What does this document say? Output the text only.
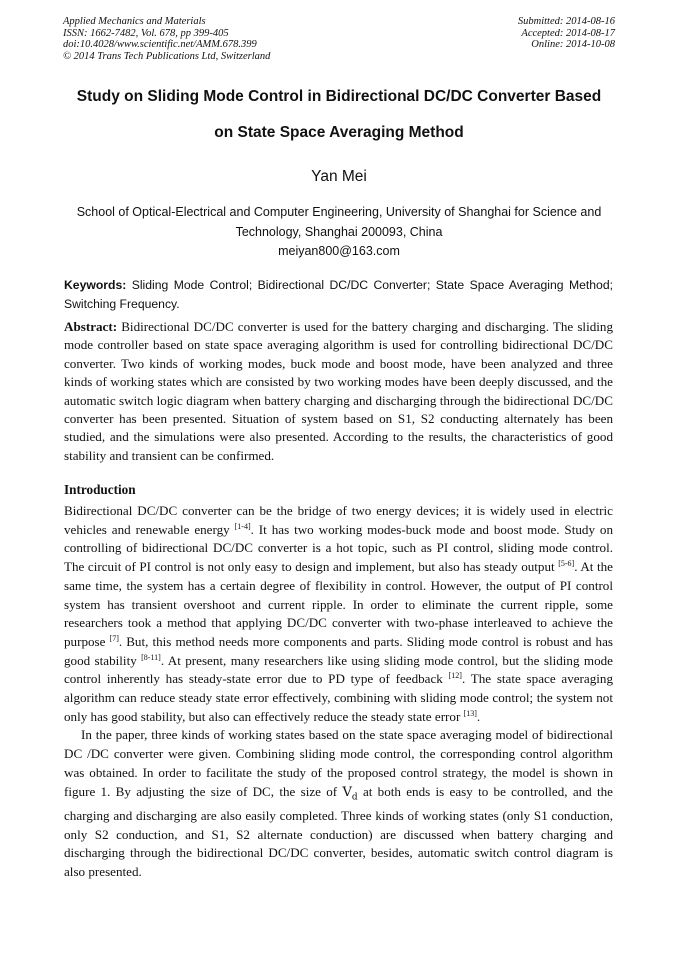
Applied Mechanics and Materials
ISSN: 1662-7482, Vol. 678, pp 399-405
doi:10.4028/www.scientific.net/AMM.678.399
© 2014 Trans Tech Publications Ltd, Switzerland
Submitted: 2014-08-16
Accepted: 2014-08-17
Online: 2014-10-08
Study on Sliding Mode Control in Bidirectional DC/DC Converter Based
on State Space Averaging Method
Yan Mei
School of Optical-Electrical and Computer Engineering, University of Shanghai for Science and Technology, Shanghai 200093, China
meiyan800@163.com
Keywords: Sliding Mode Control; Bidirectional DC/DC Converter; State Space Averaging Method; Switching Frequency.
Abstract: Bidirectional DC/DC converter is used for the battery charging and discharging. The sliding mode controller based on state space averaging algorithm is used for controlling bidirectional DC/DC converter. Two kinds of working modes, buck mode and boost mode, have been analyzed and three kinds of working states which are consisted by two working modes have been deeply discussed, and the automatic switch logic diagram when battery charging and discharging through the bidirectional DC/DC converter has been presented. Situation of system based on S1, S2 conducting alternately has been studied, and the simulations were also presented. According to the results, the characteristics of good stability and transient can be confirmed.
Introduction

Bidirectional DC/DC converter can be the bridge of two energy devices; it is widely used in electric vehicles and renewable energy [1-4]. It has two working modes-buck mode and boost mode. Study on controlling of bidirectional DC/DC converter is a hot topic, such as PI control, sliding mode control. The circuit of PI control is not only easy to design and implement, but also has steady output [5-6]. At the same time, the system has a certain degree of flexibility in control. However, the output of PI control system has transient overshoot and current ripple. In order to eliminate the current ripple, some researchers took a method that applying DC/DC converter with two-phase interleaved to achieve the purpose [7]. But, this method needs more components and parts. Sliding mode control is robust and has good stability [8-11]. At present, many researchers like using sliding mode control, but the sliding mode control inherently has steady-state error due to PD type of feedback [12]. The state space averaging algorithm can reduce steady state error effectively, combining with sliding mode control; the system not only has good stability, but also can effectively reduce the steady state error [13].

In the paper, three kinds of working states based on the state space averaging model of bidirectional DC /DC converter were given. Combining sliding mode control, the corresponding control algorithm was obtained. In order to facilitate the study of the proposed control strategy, the model is shown in figure 1. By adjusting the size of DC, the size of $V_d$ at both ends is easy to be controlled, and the charging and discharging are also easily completed. Three kinds of working states (only S1 conduction, only S2 conduction, and S1, S2 alternate conduction) are discussed when battery charging and discharging through the bidirectional DC/DC converter, besides, automatic switch control diagram is also presented.
